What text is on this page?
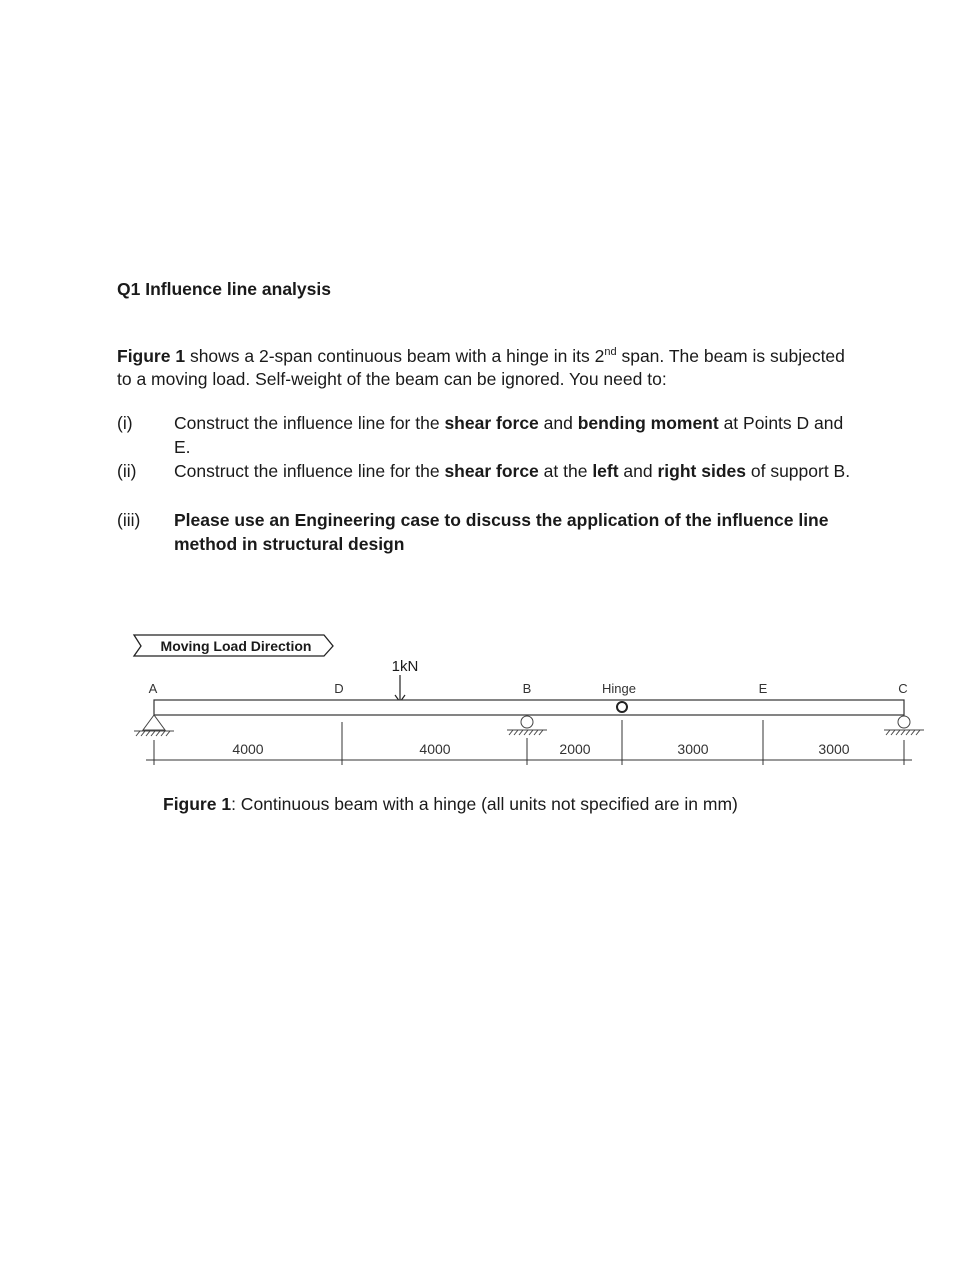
Q1 Influence line analysis

Figure 1 shows a 2-span continuous beam with a hinge in its 2nd span. The beam is subjected to a moving load. Self-weight of the beam can be ignored. You need to:

(i) Construct the influence line for the shear force and bending moment at Points D and E.
(ii) Construct the influence line for the shear force at the left and right sides of support B.
(iii) Please use an Engineering case to discuss the application of the influence line method in structural design
Moving Load Direction
1kN
A	D	B	Hinge	E	C
4000	4000	2000	3000	3000

Figure 1: Continuous beam with a hinge (all units not specified are in mm)
